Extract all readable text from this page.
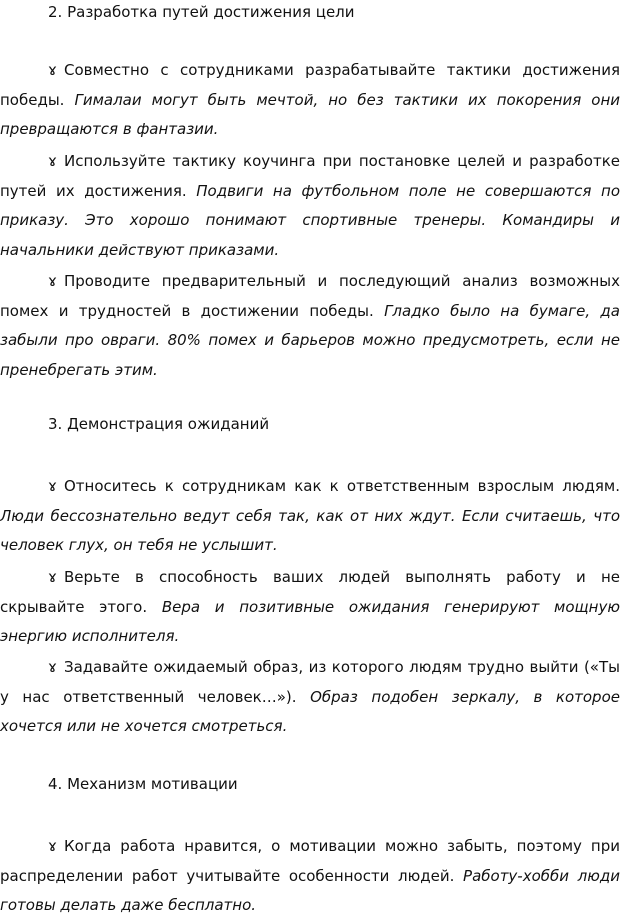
2. Разработка путей достижения цели
ɤ Совместно с сотрудниками разрабатывайте тактики достижения
победы. Гималаи могут быть мечтой, но без тактики их покорения они
превращаются в фантазии.
ɤ Используйте тактику коучинга при постановке целей и разработке
путей их достижения. Подвиги на футбольном поле не совершаются по
приказу. Это хорошо понимают спортивные тренеры. Командиры и
начальники действуют приказами.
ɤ Проводите предварительный и последующий анализ возможных
помех и трудностей в достижении победы. Гладко было на бумаге, да
забыли про овраги. 80% помех и барьеров можно предусмотреть, если не
пренебрегать этим.
3. Демонстрация ожиданий
ɤ Относитесь к сотрудникам как к ответственным взрослым людям.
Люди бессознательно ведут себя так, как от них ждут. Если считаешь, что
человек глух, он тебя не услышит.
ɤ Верьте в способность ваших людей выполнять работу и не
скрывайте этого. Вера и позитивные ожидания генерируют мощную
энергию исполнителя.
ɤ Задавайте ожидаемый образ, из которого людям трудно выйти («Ты
у нас ответственный человек…»). Образ подобен зеркалу, в которое
хочется или не хочется смотреться.
4. Механизм мотивации
ɤ Когда работа нравится, о мотивации можно забыть, поэтому при
распределении работ учитывайте особенности людей. Работу-хобби люди
готовы делать даже бесплатно.
